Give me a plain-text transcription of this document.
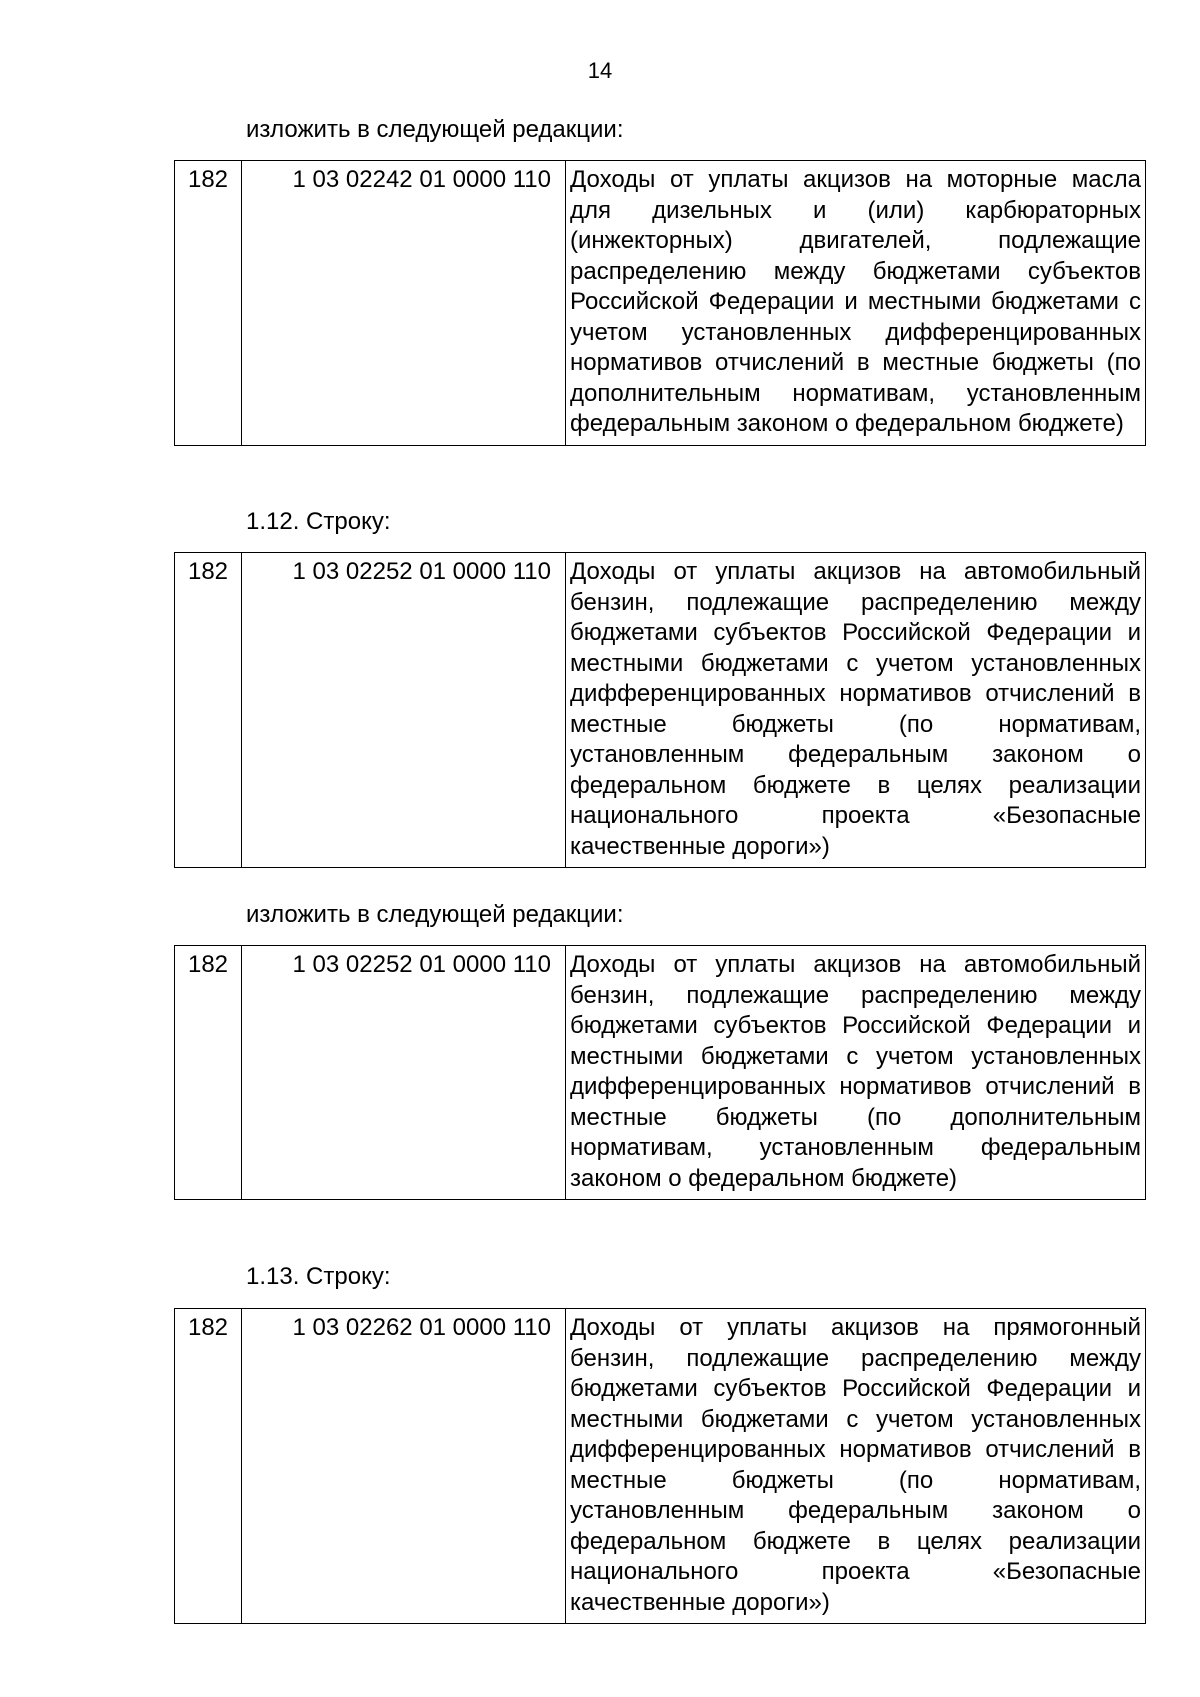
14
изложить в следующей редакции:
182	1 03 02242 01 0000 110	Доходы от уплаты акцизов на моторные масла для дизельных и (или) карбюраторных (инжекторных) двигателей, подлежащие распределению между бюджетами субъектов Российской Федерации и местными бюджетами с учетом установленных дифференцированных нормативов отчислений в местные бюджеты (по дополнительным нормативам, установленным федеральным законом о федеральном бюджете)
1.12. Строку:
182	1 03 02252 01 0000 110	Доходы от уплаты акцизов на автомобильный бензин, подлежащие распределению между бюджетами субъектов Российской Федерации и местными бюджетами с учетом установленных дифференцированных нормативов отчислений в местные бюджеты (по нормативам, установленным федеральным законом о федеральном бюджете в целях реализации национального проекта «Безопасные качественные дороги»)
изложить в следующей редакции:
182	1 03 02252 01 0000 110	Доходы от уплаты акцизов на автомобильный бензин, подлежащие распределению между бюджетами субъектов Российской Федерации и местными бюджетами с учетом установленных дифференцированных нормативов отчислений в местные бюджеты (по дополнительным нормативам, установленным федеральным законом о федеральном бюджете)
1.13. Строку:
182	1 03 02262 01 0000 110	Доходы от уплаты акцизов на прямогонный бензин, подлежащие распределению между бюджетами субъектов Российской Федерации и местными бюджетами с учетом установленных дифференцированных нормативов отчислений в местные бюджеты (по нормативам, установленным федеральным законом о федеральном бюджете в целях реализации национального проекта «Безопасные качественные дороги»)
